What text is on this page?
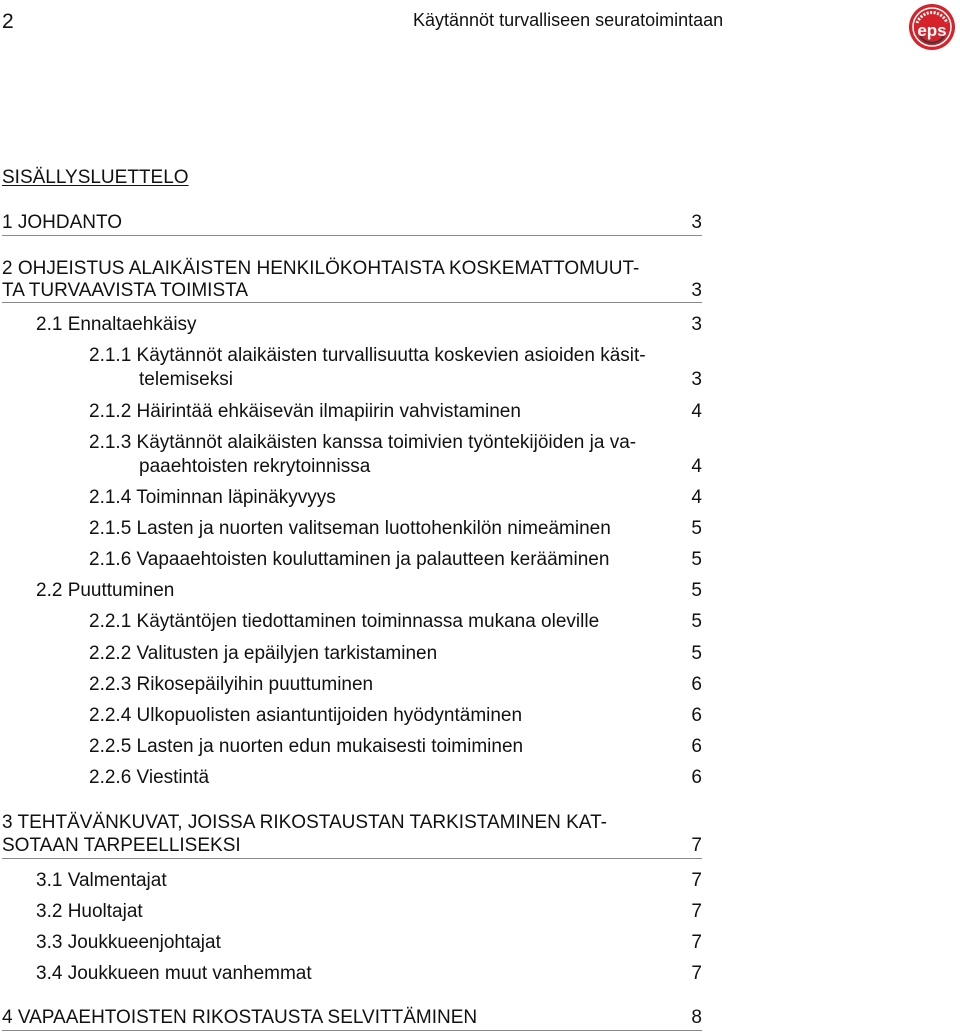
2	Käytännöt turvalliseen seuratoimintaan
eps
SISÄLLYSLUETTELO
1 JOHDANTO	3
2 OHJEISTUS ALAIKÄISTEN HENKILÖKOHTAISTA KOSKEMATTOMUUT-
TA TURVAAVISTA TOIMISTA	3
2.1 Ennaltaehkäisy	3
2.1.1 Käytännöt alaikäisten turvallisuutta koskevien asioiden käsit-
telemiseksi	3
2.1.2 Häirintää ehkäisevän ilmapiirin vahvistaminen	4
2.1.3 Käytännöt alaikäisten kanssa toimivien työntekijöiden ja va-
paaehtoisten rekrytoinnissa	4
2.1.4 Toiminnan läpinäkyvyys	4
2.1.5 Lasten ja nuorten valitseman luottohenkilön nimeäminen	5
2.1.6 Vapaaehtoisten kouluttaminen ja palautteen kerääminen	5
2.2 Puuttuminen	5
2.2.1 Käytäntöjen tiedottaminen toiminnassa mukana oleville	5
2.2.2 Valitusten ja epäilyjen tarkistaminen	5
2.2.3 Rikosepäilyihin puuttuminen	6
2.2.4 Ulkopuolisten asiantuntijoiden hyödyntäminen	6
2.2.5 Lasten ja nuorten edun mukaisesti toimiminen	6
2.2.6 Viestintä	6
3 TEHTÄVÄNKUVAT, JOISSA RIKOSTAUSTAN TARKISTAMINEN KAT-
SOTAAN TARPEELLISEKSI	7
3.1 Valmentajat	7
3.2 Huoltajat	7
3.3 Joukkueenjohtajat	7
3.4 Joukkueen muut vanhemmat	7
4 VAPAAEHTOISTEN RIKOSTAUSTA SELVITTÄMINEN	8
